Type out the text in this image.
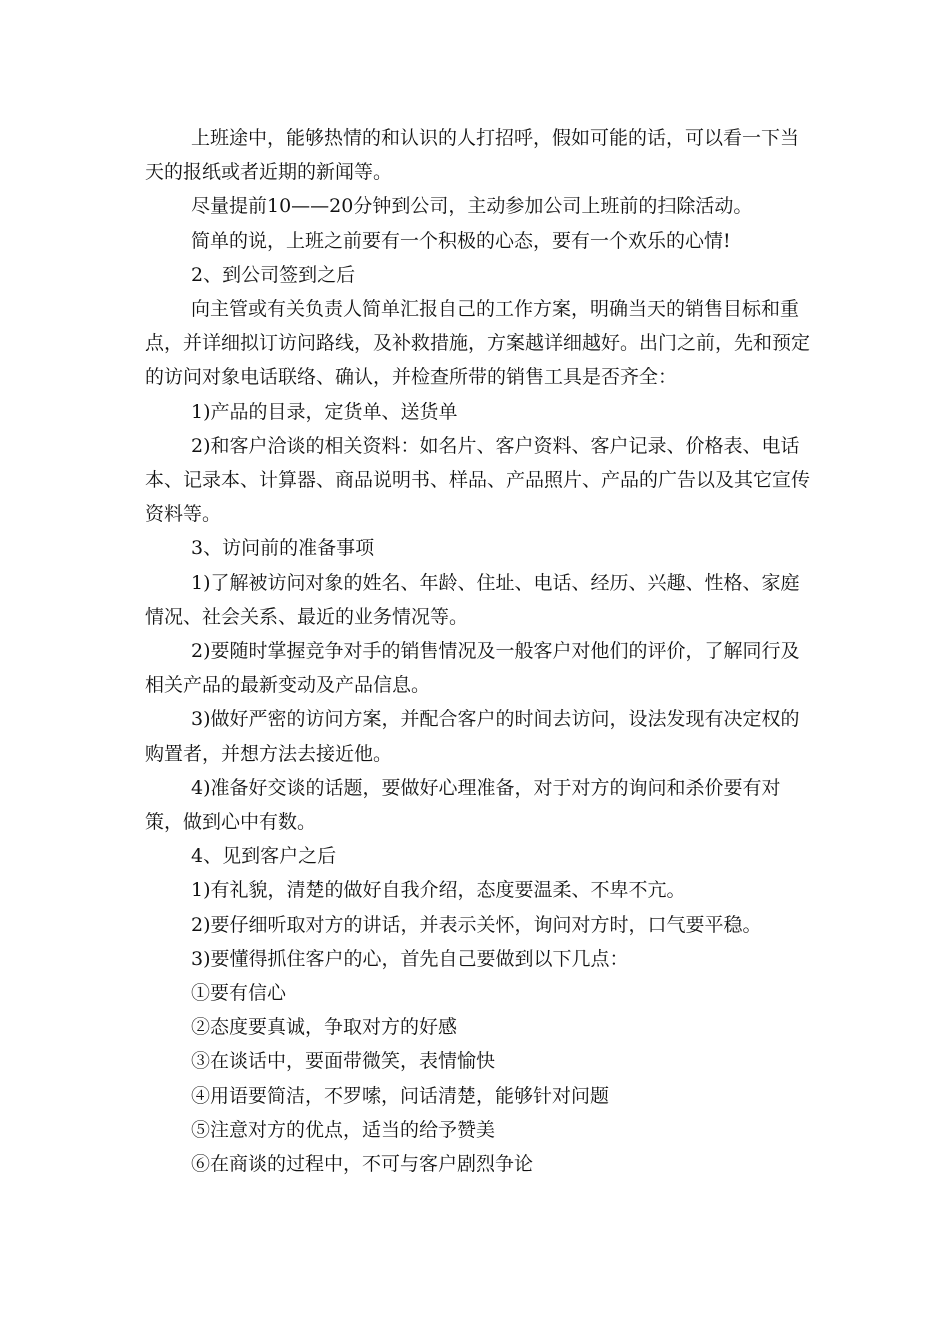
上班途中，能够热情的和认识的人打招呼，假如可能的话，可以看一下当天的报纸或者近期的新闻等。

尽量提前10——20分钟到公司，主动参加公司上班前的扫除活动。

简单的说，上班之前要有一个积极的心态，要有一个欢乐的心情!

2、到公司签到之后

向主管或有关负责人简单汇报自己的工作方案，明确当天的销售目标和重点，并详细拟订访问路线，及补救措施，方案越详细越好。出门之前，先和预定的访问对象电话联络、确认，并检查所带的销售工具是否齐全：

1)产品的目录，定货单、送货单

2)和客户洽谈的相关资料：如名片、客户资料、客户记录、价格表、电话本、记录本、计算器、商品说明书、样品、产品照片、产品的广告以及其它宣传资料等。

3、访问前的准备事项

1)了解被访问对象的姓名、年龄、住址、电话、经历、兴趣、性格、家庭情况、社会关系、最近的业务情况等。

2)要随时掌握竞争对手的销售情况及一般客户对他们的评价，了解同行及相关产品的最新变动及产品信息。

3)做好严密的访问方案，并配合客户的时间去访问，设法发现有决定权的购置者，并想方法去接近他。

4)准备好交谈的话题，要做好心理准备，对于对方的询问和杀价要有对策，做到心中有数。

4、见到客户之后

1)有礼貌，清楚的做好自我介绍，态度要温柔、不卑不亢。

2)要仔细听取对方的讲话，并表示关怀，询问对方时，口气要平稳。

3)要懂得抓住客户的心，首先自己要做到以下几点：

①要有信心

②态度要真诚，争取对方的好感

③在谈话中，要面带微笑，表情愉快

④用语要简洁，不罗嗦，问话清楚，能够针对问题

⑤注意对方的优点，适当的给予赞美

⑥在商谈的过程中，不可与客户剧烈争论
